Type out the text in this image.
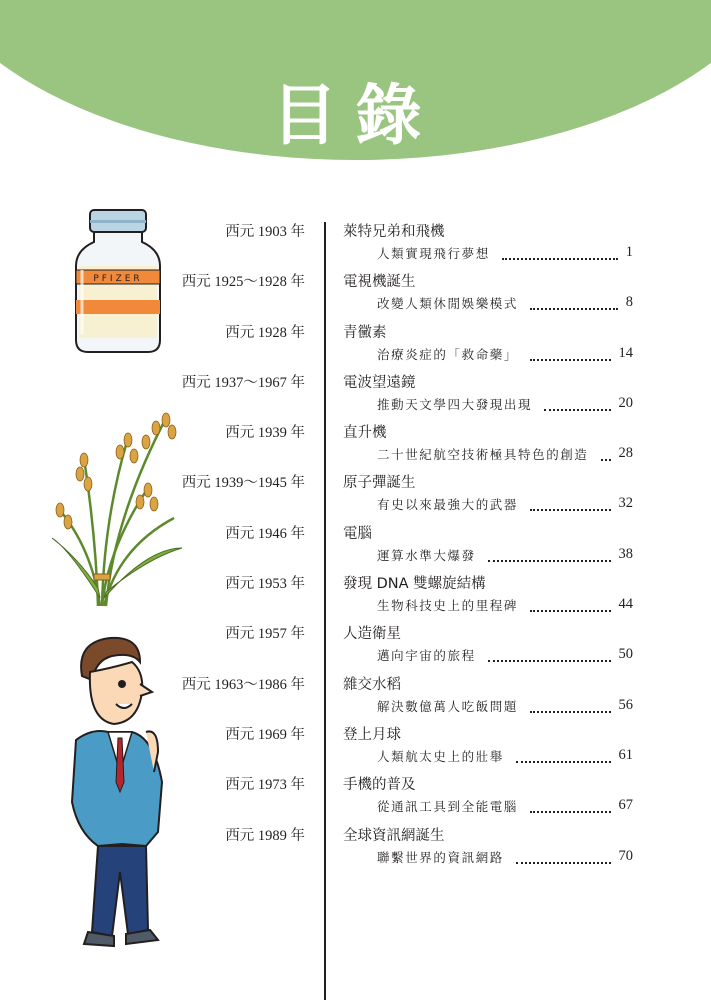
目錄
PFIZER
西元 1903 年	萊特兄弟和飛機
人類實現飛行夢想	1
西元 1925～1928 年	電視機誕生
改變人類休閒娛樂模式	8
西元 1928 年	青黴素
治療炎症的「救命藥」	14
西元 1937～1967 年	電波望遠鏡
推動天文學四大發現出現	20
西元 1939 年	直升機
二十世紀航空技術極具特色的創造 28
西元 1939～1945 年	原子彈誕生
有史以來最強大的武器	32
西元 1946 年	電腦
運算水準大爆發	38
西元 1953 年	發現 DNA 雙螺旋結構
生物科技史上的里程碑	44
西元 1957 年	人造衛星
邁向宇宙的旅程	50
西元 1963～1986 年	雜交水稻
解決數億萬人吃飯問題	56
西元 1969 年	登上月球
人類航太史上的壯舉	61
西元 1973 年	手機的普及
從通訊工具到全能電腦	67
西元 1989 年	全球資訊網誕生
聯繫世界的資訊網路	70
